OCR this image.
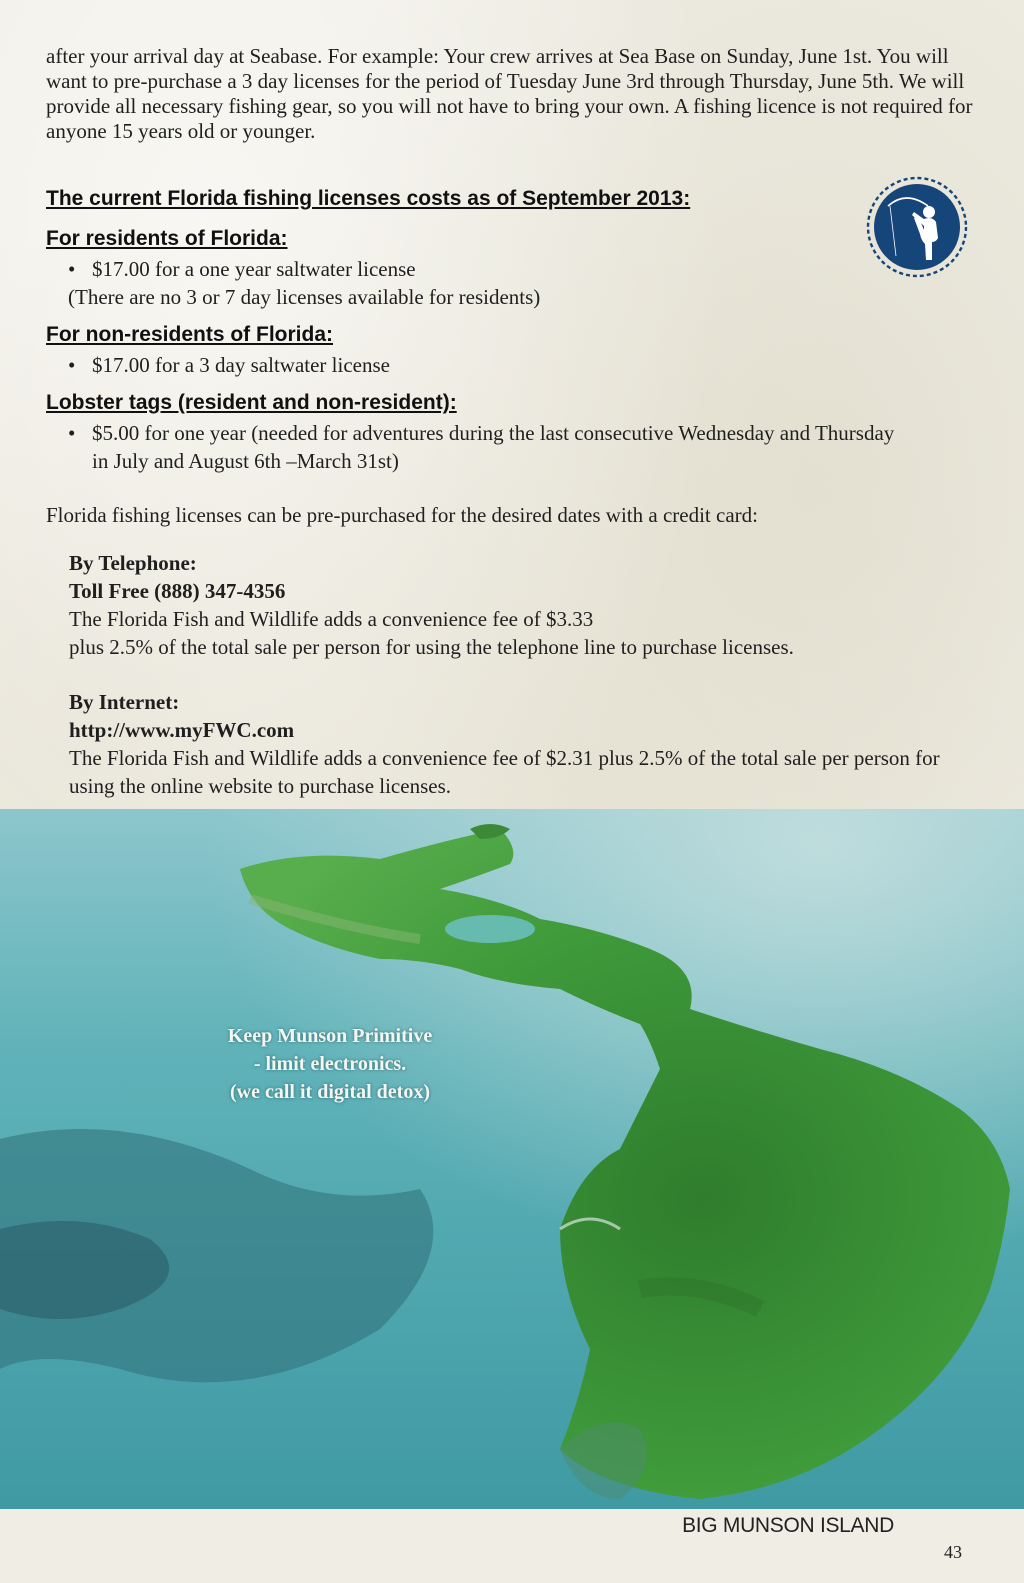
after your arrival day at Seabase. For example: Your crew arrives at Sea Base on Sunday, June 1st. You will want to pre-purchase a 3 day licenses for the period of Tuesday June 3rd through Thursday, June 5th. We will provide all necessary fishing gear, so you will not have to bring your own. A fishing licence is not required for anyone 15 years old or younger.

The current Florida fishing licenses costs as of September 2013:
For residents of Florida:
• $17.00 for a one year saltwater license

(There are no 3 or 7 day licenses available for residents)

For non-residents of Florida:
• $17.00 for a 3 day saltwater license
Lobster tags (resident and non-resident):
• $5.00 for one year (needed for adventures during the last consecutive Wednesday and Thursday in July and August 6th –March 31st)

Florida fishing licenses can be pre-purchased for the desired dates with a credit card:

By Telephone:

Toll Free (888) 347-4356

The Florida Fish and Wildlife adds a convenience fee of $3.33

plus 2.5% of the total sale per person for using the telephone line to purchase licenses.

By Internet:

http://www.myFWC.com

The Florida Fish and Wildlife adds a convenience fee of $2.31 plus 2.5% of the total sale per person for using the online website to purchase licenses.

Keep Munson Primitive
- limit electronics.
(we call it digital detox)
BIG MUNSON ISLAND
43
